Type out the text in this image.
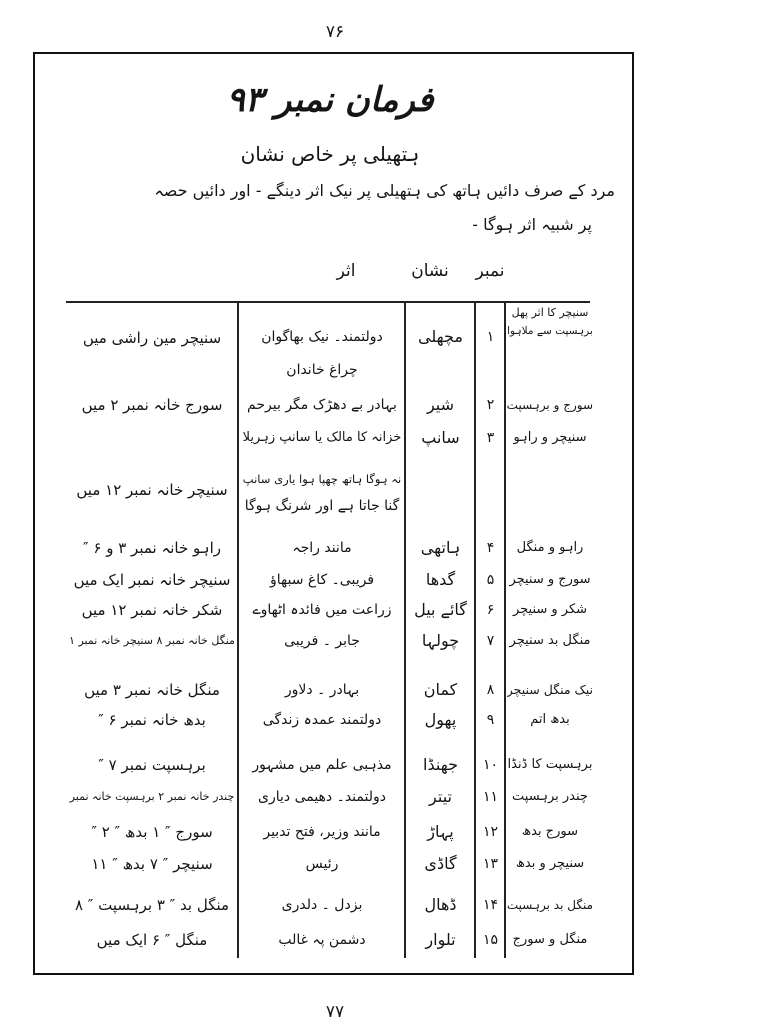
۷۶
فرمان نمبر ۹۳
ہتھیلی پر خاص نشان
مرد کے صرف دائیں ہاتھ کی ہتھیلی پر نیک اثر دینگے - اور دائیں حصہ
پر شبیہ اثر ہوگا -
نمبر
نشان
اثر
سنیچر کا اثر پھل
برہسپت سے ملاہوا
۱
مچھلی
دولتمند۔ نیک بھاگوان
چراغ خاندان
سنیچر مین راشی میں
سورج و برہسپت
۲
شیر
بہادر بے دھڑک مگر بیرحم
سورج خانہ نمبر ۲ میں
سنیچر و راہو
۳
سانپ
خزانہ کا مالک یا سانپ زہریلا
نہ ہوگا ہاتھ چھپا ہوا یاری سانپ
گنا جاتا ہے اور شرنگ ہوگا
سنیچر خانہ نمبر ۱۲ میں
راہو و منگل
۴
ہاتھی
مانند راجہ
راہو خانہ نمبر ۳ و ۶ ″
سورج و سنیچر
۵
گدھا
فریبی۔ کاغ سبھاؤ
سنیچر خانہ نمبر ایک میں
شکر و سنیچر
۶
گائے بیل
زراعت میں فائدہ اٹھاوے
شکر خانہ نمبر ۱۲ میں
منگل بد سنیچر
۷
چولہا
جابر ۔ فریبی
منگل خانہ نمبر ۸ سنیچر خانہ نمبر ۱
نیک منگل سنیچر
۸
کمان
بہادر ۔ دلاور
منگل خانہ نمبر ۳ میں
بدھ اتم
۹
پھول
دولتمند عمدہ زندگی
بدھ خانہ نمبر ۶ ″
برہسپت کا ڈنڈا
۱۰
جھنڈا
مذہبی علم میں مشہور
برہسپت نمبر ۷ ″
چندر برہسپت
۱۱
تیتر
دولتمند۔ دھیمی دیاری
چندر خانہ نمبر ۲ برہسپت خانہ نمبر
سورج بدھ
۱۲
پہاڑ
مانند وزیر، فتح تدبیر
سورج ″ ۱ بدھ ″ ۲ ″
سنیچر و بدھ
۱۳
گاڈی
رئیس
سنیچر ″ ۷ بدھ ″ ۱۱
منگل بد برہسپت
۱۴
ڈھال
بزدل ۔ دلدری
منگل بد ″ ۳ برہسپت ″ ۸
منگل و سورج
۱۵
تلوار
دشمن پہ غالب
منگل ″ ۶ ایک میں
۷۷
